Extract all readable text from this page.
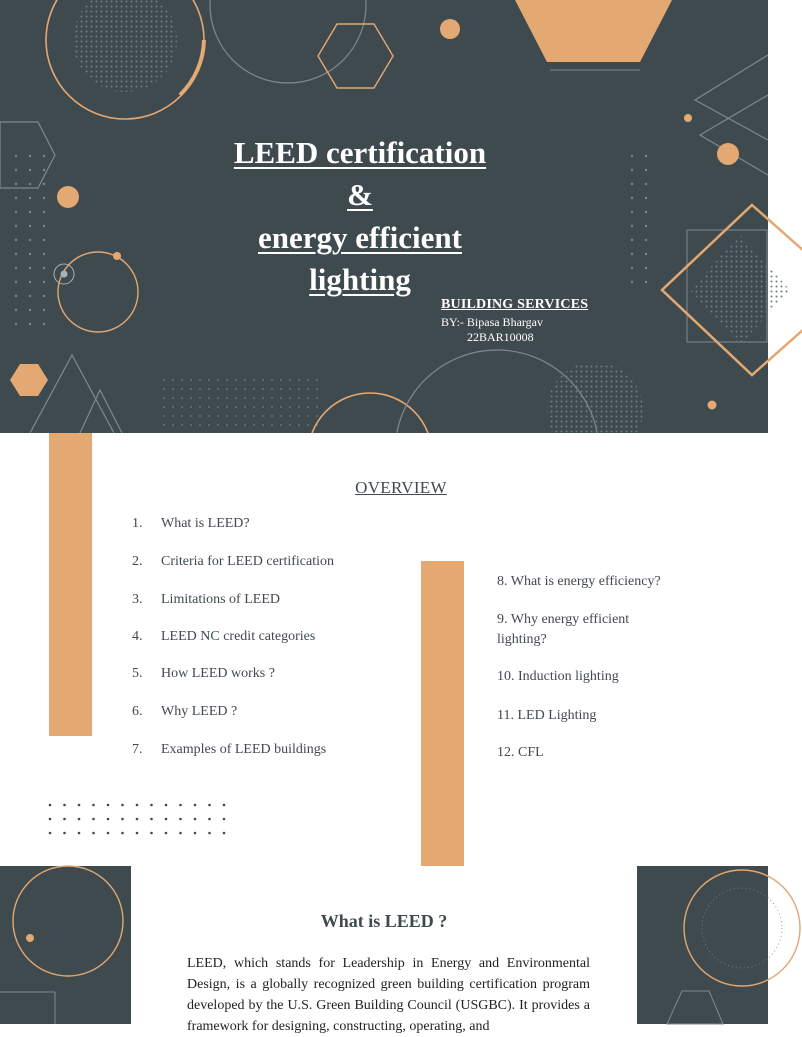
LEED certification
&
energy efficient
lighting
BUILDING SERVICES
BY:- Bipasa Bhargav
22BAR10008
OVERVIEW
1. What is LEED?
2. Criteria for LEED certification
3. Limitations of LEED
4. LEED NC credit categories
5. How LEED works ?
6. Why LEED ?
7. Examples of LEED buildings
8. What is energy efficiency?
9. Why energy efficient lighting?
10. Induction lighting
11. LED Lighting
12. CFL
What is LEED ?
LEED, which stands for Leadership in Energy and Environmental Design, is a globally recognized green building certification program developed by the U.S. Green Building Council (USGBC). It provides a framework for designing, constructing, operating, and
